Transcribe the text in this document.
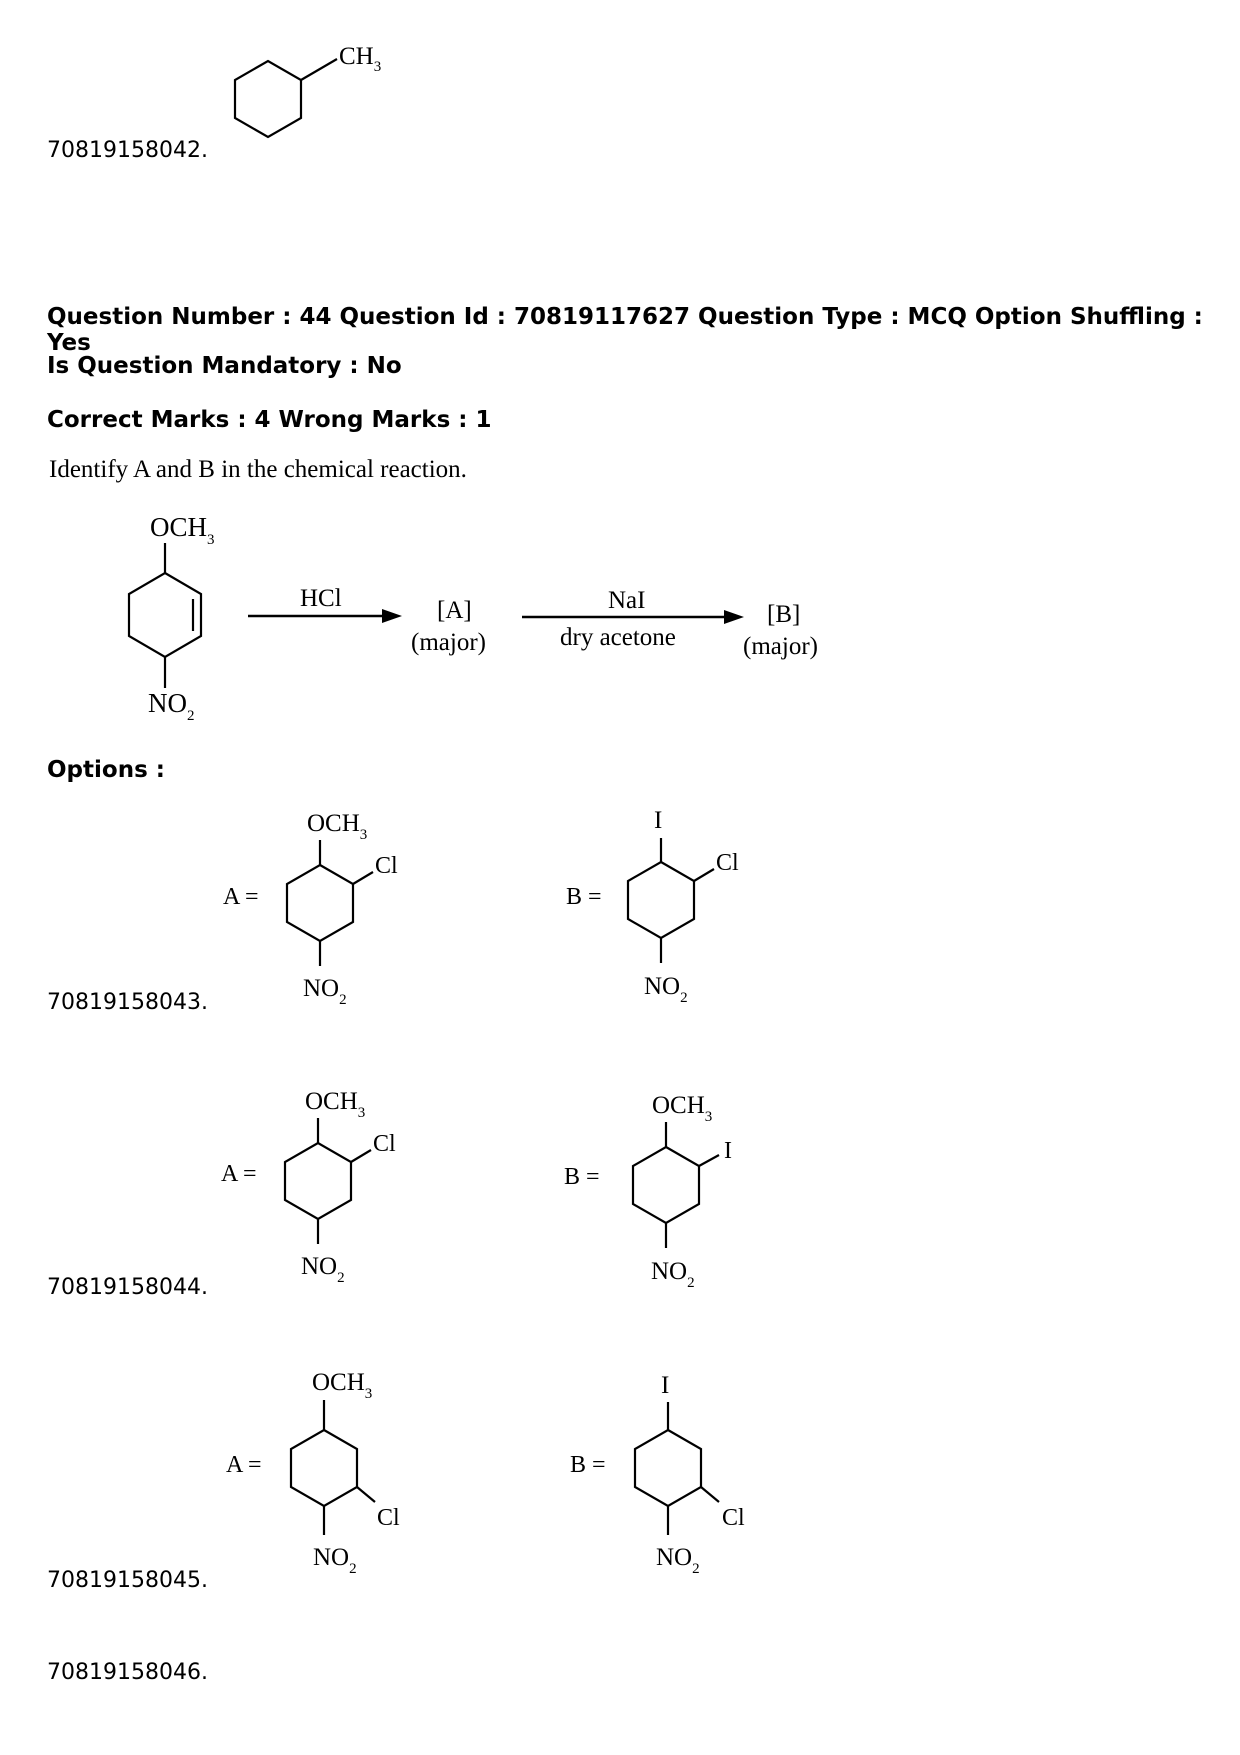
$CH_3$
70819158042.
Question Number : 44 Question Id : 70819117627 Question Type : MCQ Option Shuffling : Yes
Is Question Mandatory : No
Correct Marks : 4 Wrong Marks : 1
Identify A and B in the chemical reaction.
$OCH_3$
$NO_2$
HCl	[A]
(major)
NaI
dry acetone
[B]
(major)
Options :
A =
$OCH_3$
Cl
$NO_2$
B =
I
Cl
$NO_2$
70819158043.
A =
$OCH_3$
Cl
$NO_2$
B =
$OCH_3$
I
$NO_2$
70819158044.
A =
$OCH_3$
Cl
$NO_2$
B =
I
Cl
$NO_2$
70819158045.
70819158046.
